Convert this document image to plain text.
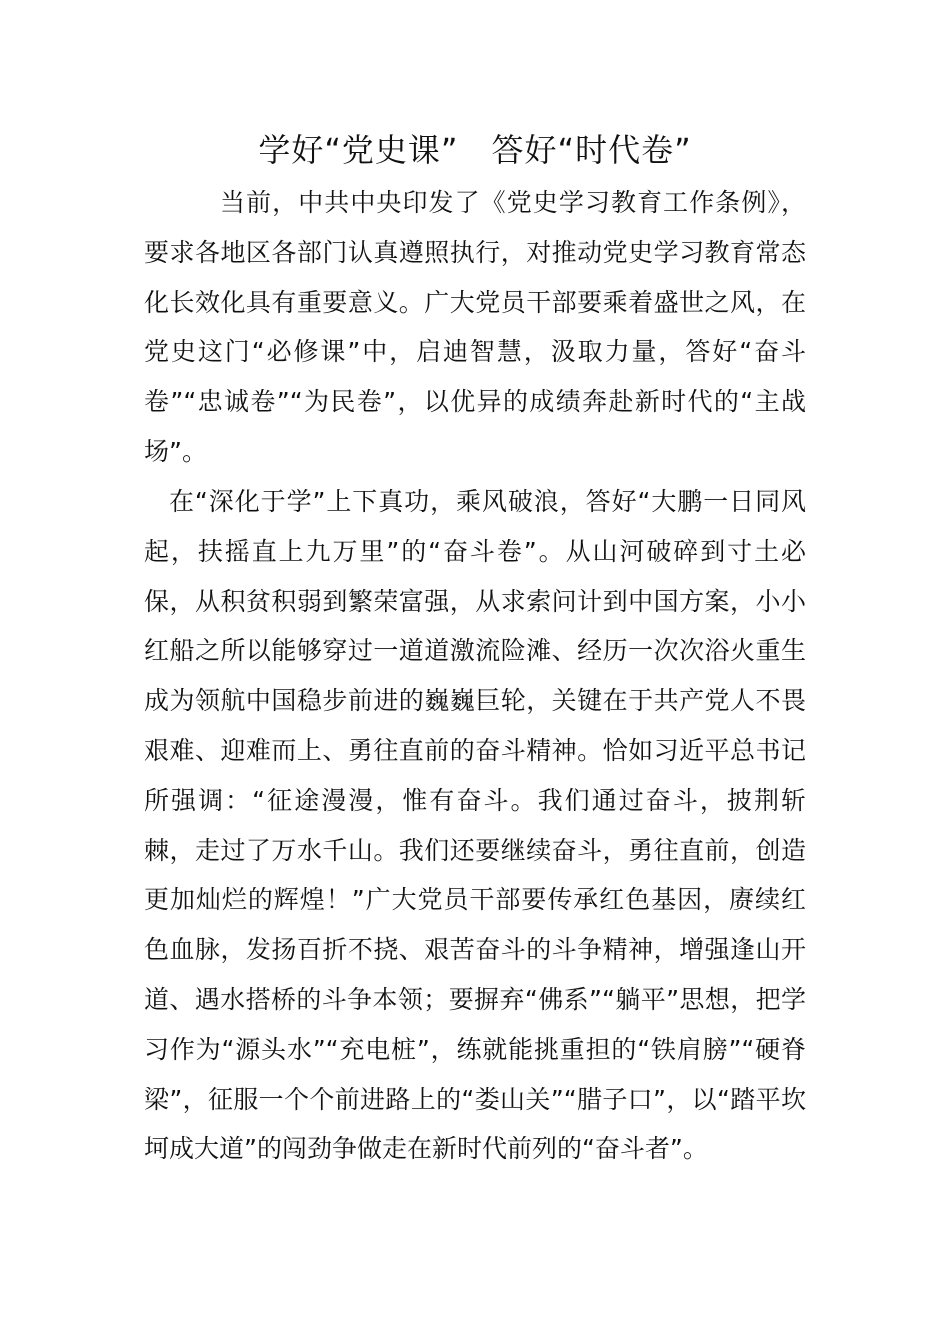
学好“党史课”　答好“时代卷”

当前，中共中央印发了《党史学习教育工作条例》，要求各地区各部门认真遵照执行，对推动党史学习教育常态化长效化具有重要意义。广大党员干部要乘着盛世之风，在党史这门“必修课”中，启迪智慧，汲取力量，答好“奋斗卷”“忠诚卷”“为民卷”，以优异的成绩奔赴新时代的“主战场”。

在“深化于学”上下真功，乘风破浪，答好“大鹏一日同风起，扶摇直上九万里”的“奋斗卷”。从山河破碎到寸土必保，从积贫积弱到繁荣富强，从求索问计到中国方案，小小红船之所以能够穿过一道道激流险滩、经历一次次浴火重生成为领航中国稳步前进的巍巍巨轮，关键在于共产党人不畏艰难、迎难而上、勇往直前的奋斗精神。恰如习近平总书记所强调：“征途漫漫，惟有奋斗。我们通过奋斗，披荆斩棘，走过了万水千山。我们还要继续奋斗，勇往直前，创造更加灿烂的辉煌！”广大党员干部要传承红色基因，赓续红色血脉，发扬百折不挠、艰苦奋斗的斗争精神，增强逢山开道、遇水搭桥的斗争本领；要摒弃“佛系”“躺平”思想，把学习作为“源头水”“充电桩”，练就能挑重担的“铁肩膀”“硬脊梁”，征服一个个前进路上的“娄山关”“腊子口”，以“踏平坎坷成大道”的闯劲争做走在新时代前列的“奋斗者”。
